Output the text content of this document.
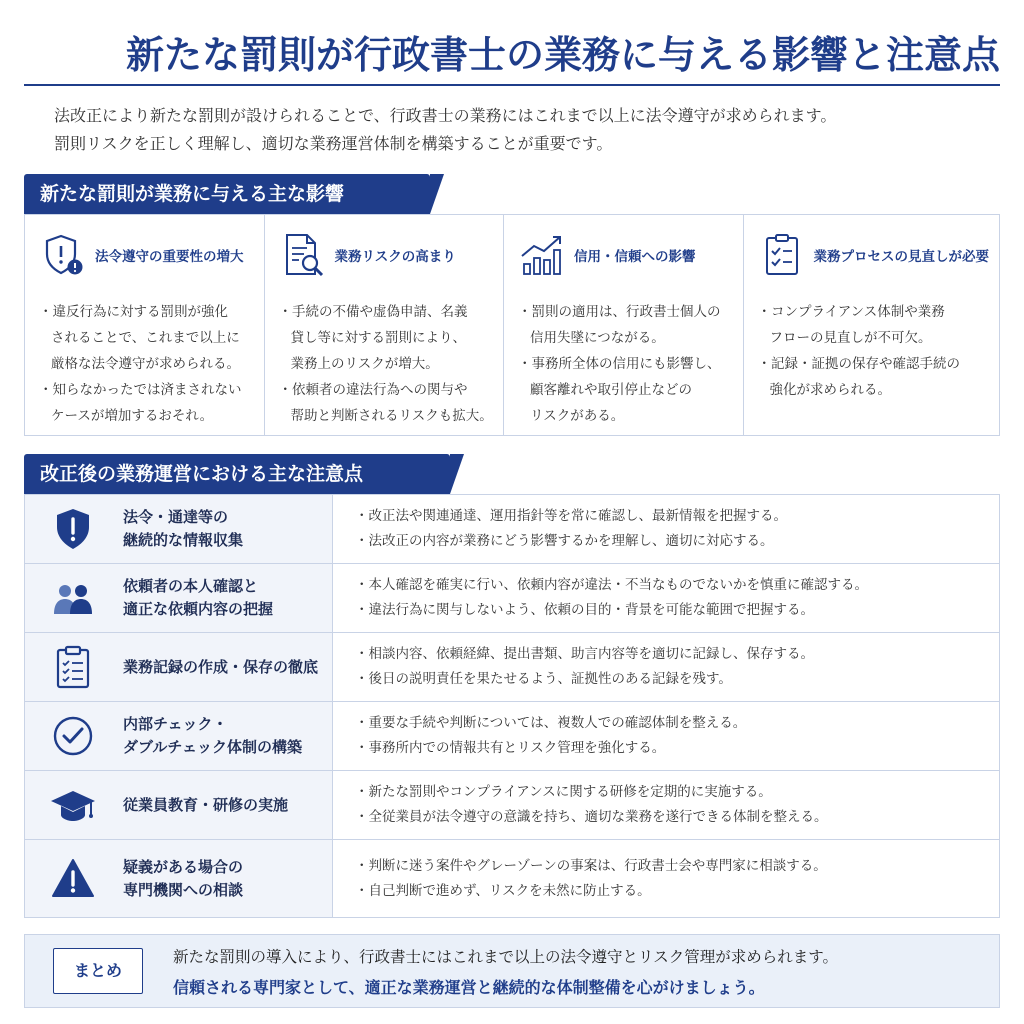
新たな罰則が行政書士の業務に与える影響と注意点
法改正により新たな罰則が設けられることで、行政書士の業務にはこれまで以上に法令遵守が求められます。
罰則リスクを正しく理解し、適切な業務運営体制を構築することが重要です。
新たな罰則が業務に与える主な影響
法令遵守の重要性の増大
・違反行為に対する罰則が強化
されることで、これまで以上に
厳格な法令遵守が求められる。
・知らなかったでは済まされない
ケースが増加するおそれ。
業務リスクの高まり
・手続の不備や虚偽申請、名義
貸し等に対する罰則により、
業務上のリスクが増大。
・依頼者の違法行為への関与や
帮助と判断されるリスクも拡大。
信用・信頼への影響
・罰則の適用は、行政書士個人の
信用失墜につながる。
・事務所全体の信用にも影響し、
顧客離れや取引停止などの
リスクがある。
業務プロセスの見直しが必要
・コンプライアンス体制や業務
フローの見直しが不可欠。
・記録・証拠の保存や確認手続の
強化が求められる。
改正後の業務運営における主な注意点
法令・通達等の
継続的な情報収集
・改正法や関連通達、運用指針等を常に確認し、最新情報を把握する。
・法改正の内容が業務にどう影響するかを理解し、適切に対応する。
依頼者の本人確認と
適正な依頼内容の把握
・本人確認を確実に行い、依頼内容が違法・不当なものでないかを慎重に確認する。
・違法行為に関与しないよう、依頼の目的・背景を可能な範囲で把握する。
業務記録の作成・保存の徹底
・相談内容、依頼経緯、提出書類、助言内容等を適切に記録し、保存する。
・後日の説明責任を果たせるよう、証拠性のある記録を残す。
内部チェック・
ダブルチェック体制の構築
・重要な手続や判断については、複数人での確認体制を整える。
・事務所内での情報共有とリスク管理を強化する。
従業員教育・研修の実施
・新たな罰則やコンプライアンスに関する研修を定期的に実施する。
・全従業員が法令遵守の意識を持ち、適切な業務を遂行できる体制を整える。
疑義がある場合の
専門機関への相談
・判断に迷う案件やグレーゾーンの事案は、行政書士会や専門家に相談する。
・自己判断で進めず、リスクを未然に防止する。
まとめ
新たな罰則の導入により、行政書士にはこれまで以上の法令遵守とリスク管理が求められます。
信頼される専門家として、適正な業務運営と継続的な体制整備を心がけましょう。
